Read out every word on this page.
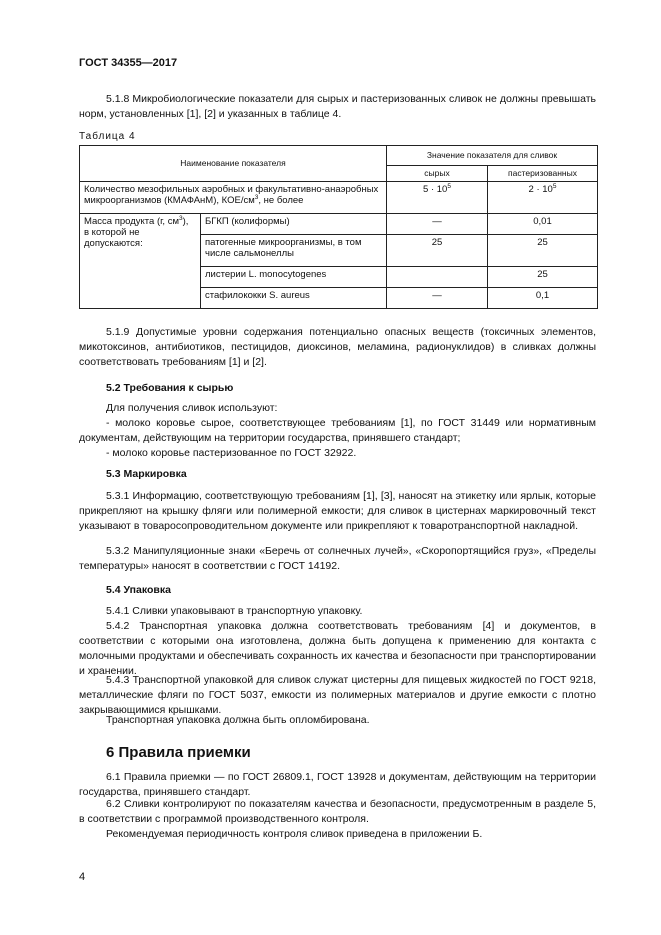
ГОСТ 34355—2017
5.1.8 Микробиологические показатели для сырых и пастеризованных сливок не должны превышать норм, установленных [1], [2] и указанных в таблице 4.
Таблица 4
Наименование показателя		Значение показателя для сливок	
		сырых	пастеризованных
Количество мезофильных аэробных и факультативно-анаэробных микроорганизмов (КМАФАнМ), КОЕ/$см^3$, не более		$5 \cdot 10^5$	$2 \cdot 10^5$
Масса продукта (г, $см^3$), в которой не допускаются:	БГКП (колиформы)	—	0,01
	патогенные микроорганизмы, в том числе сальмонеллы	25	25
	листерии L. monocytogenes		25
	стафилококки S. aureus	—	0,1
5.1.9 Допустимые уровни содержания потенциально опасных веществ (токсичных элементов, микотоксинов, антибиотиков, пестицидов, диоксинов, меламина, радионуклидов) в сливках должны соответствовать требованиям [1] и [2].
5.2 Требования к сырью
Для получения сливок используют:
- молоко коровье сырое, соответствующее требованиям [1], по ГОСТ 31449 или нормативным документам, действующим на территории государства, принявшего стандарт;
- молоко коровье пастеризованное по ГОСТ 32922.
5.3 Маркировка
5.3.1 Информацию, соответствующую требованиям [1], [3], наносят на этикетку или ярлык, которые прикрепляют на крышку фляги или полимерной емкости; для сливок в цистернах маркировочный текст указывают в товаросопроводительном документе или прикрепляют к товаротранспортной накладной.
5.3.2 Манипуляционные знаки «Беречь от солнечных лучей», «Скоропортящийся груз», «Пределы температуры» наносят в соответствии с ГОСТ 14192.
5.4 Упаковка
5.4.1 Сливки упаковывают в транспортную упаковку.
5.4.2 Транспортная упаковка должна соответствовать требованиям [4] и документов, в соответствии с которыми она изготовлена, должна быть допущена к применению для контакта с молочными продуктами и обеспечивать сохранность их качества и безопасности при транспортировании и хранении.
5.4.3 Транспортной упаковкой для сливок служат цистерны для пищевых жидкостей по ГОСТ 9218, металлические фляги по ГОСТ 5037, емкости из полимерных материалов и другие емкости с плотно закрывающимися крышками.
Транспортная упаковка должна быть опломбирована.
6 Правила приемки
6.1 Правила приемки — по ГОСТ 26809.1, ГОСТ 13928 и документам, действующим на территории государства, принявшего стандарт.
6.2 Сливки контролируют по показателям качества и безопасности, предусмотренным в разделе 5, в соответствии с программой производственного контроля.
Рекомендуемая периодичность контроля сливок приведена в приложении Б.
4
